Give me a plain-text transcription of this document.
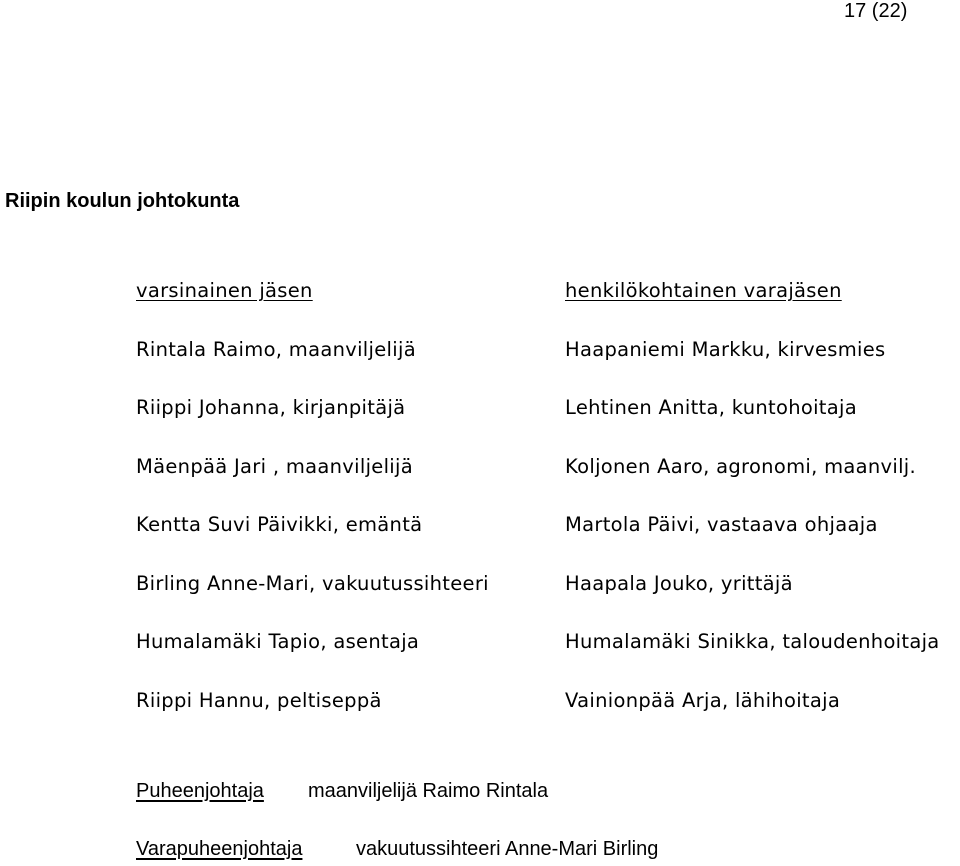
17 (22)
Riipin koulun johtokunta
varsinainen jäsen
Rintala Raimo, maanviljelijä
Riippi Johanna, kirjanpitäjä
Mäenpää Jari , maanviljelijä
Kentta Suvi Päivikki, emäntä
Birling Anne-Mari, vakuutussihteeri
Humalamäki Tapio, asentaja
Riippi Hannu, peltiseppä
henkilökohtainen varajäsen
Haapaniemi Markku, kirvesmies
Lehtinen Anitta, kuntohoitaja
Koljonen Aaro, agronomi, maanvilj.
Martola Päivi, vastaava ohjaaja
Haapala Jouko, yrittäjä
Humalamäki Sinikka, taloudenhoitaja
Vainionpää Arja, lähihoitaja
Puheenjohtaja maanviljelijä Raimo Rintala
Varapuheenjohtaja	vakuutussihteeri Anne-Mari Birling
